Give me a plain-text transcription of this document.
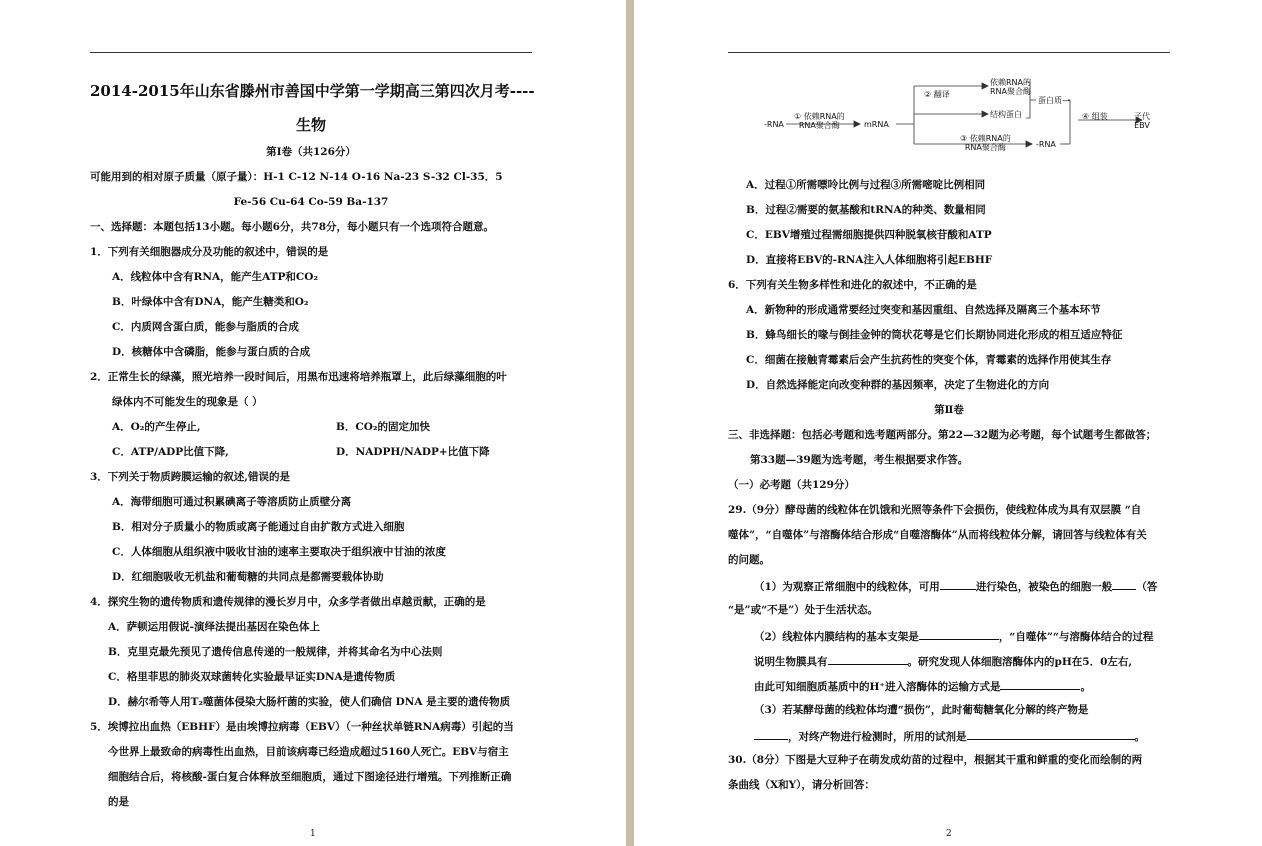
2014-2015年山东省滕州市善国中学第一学期高三第四次月考----
生物
第Ⅰ卷（共126分）
可能用到的相对原子质量（原子量）：H-1 C-12 N-14 O-16 Na-23 S-32 Cl-35．5
Fe-56 Cu-64 Co-59 Ba-137
一、选择题：本题包括13小题。每小题6分，共78分，每小题只有一个选项符合题意。
1．下列有关细胞器成分及功能的叙述中，错误的是
A．线粒体中含有RNA，能产生ATP和CO₂
B．叶绿体中含有DNA，能产生糖类和O₂
C．内质网含蛋白质，能参与脂质的合成
D．核糖体中含磷脂，能参与蛋白质的合成
2．正常生长的绿藻，照光培养一段时间后，用黑布迅速将培养瓶罩上，此后绿藻细胞的叶
绿体内不可能发生的现象是（ ）
A．O₂的产生停止,	B．CO₂的固定加快
C．ATP/ADP比值下降,	D．NADPH/NADP+比值下降
3．下列关于物质跨膜运输的叙述,错误的是
A．海带细胞可通过积累碘离子等溶质防止质壁分离
B．相对分子质量小的物质或离子能通过自由扩散方式进入细胞
C．人体细胞从组织液中吸收甘油的速率主要取决于组织液中甘油的浓度
D．红细胞吸收无机盐和葡萄糖的共同点是都需要载体协助
4．探究生物的遗传物质和遗传规律的漫长岁月中，众多学者做出卓越贡献，正确的是
A．萨顿运用假说-演绎法提出基因在染色体上
B．克里克最先预见了遗传信息传递的一般规律，并将其命名为中心法则
C．格里菲思的肺炎双球菌转化实验最早证实DNA是遗传物质
D．赫尔希等人用T₂噬菌体侵染大肠杆菌的实验，使人们确信 DNA 是主要的遗传物质
5．埃博拉出血热（EBHF）是由埃博拉病毒（EBV）（一种丝状单链RNA病毒）引起的当
今世界上最致命的病毒性出血热，目前该病毒已经造成超过5160人死亡。EBV与宿主
细胞结合后，将核酸-蛋白复合体释放至细胞质，通过下图途径进行增殖。下列推断正确
的是
1
-RNA
① 依赖RNA的
RNA聚合酶	mRNA
② 翻译
依赖RNA的
RNA聚合酶
结构蛋白
蛋白质—
③ 依赖RNA的
RNA聚合酶	-RNA
④ 组装	子代
EBV
A．过程①所需嘌呤比例与过程③所需嘧啶比例相同
B．过程②需要的氨基酸和tRNA的种类、数量相同
C．EBV增殖过程需细胞提供四种脱氧核苷酸和ATP
D．直接将EBV的-RNA注入人体细胞将引起EBHF
6．下列有关生物多样性和进化的叙述中，不正确的是
A．新物种的形成通常要经过突变和基因重组、自然选择及隔离三个基本环节
B．蜂鸟细长的喙与倒挂金钟的筒状花萼是它们长期协同进化形成的相互适应特征
C．细菌在接触青霉素后会产生抗药性的突变个体，青霉素的选择作用使其生存
D．自然选择能定向改变种群的基因频率，决定了生物进化的方向
第Ⅱ卷
三、非选择题：包括必考题和选考题两部分。第22—32题为必考题，每个试题考生都做答；
第33题—39题为选考题，考生根据要求作答。
（一）必考题（共129分）
29.（9分）酵母菌的线粒体在饥饿和光照等条件下会损伤，使线粒体成为具有双层膜 “自
噬体”，“自噬体”与溶酶体结合形成“自噬溶酶体”从而将线粒体分解，请回答与线粒体有关
的问题。
（1）为观察正常细胞中的线粒体，可用	进行染色，被染色的细胞一般 （答
“是”或“不是”）处于生活状态。
（2）线粒体内膜结构的基本支架是	，“自噬体”“与溶酶体结合的过程
说明生物膜具有	。研究发现人体细胞溶酶体内的pH在5．0左右,
由此可知细胞质基质中的H⁺进入溶酶体的运输方式是	。
（3）若某酵母菌的线粒体均遭“损伤”，此时葡萄糖氧化分解的终产物是
，对终产物进行检测时，所用的试剂是	。
30.（8分）下图是大豆种子在萌发成幼苗的过程中，根据其干重和鲜重的变化而绘制的两
条曲线（X和Y），请分析回答：
2
